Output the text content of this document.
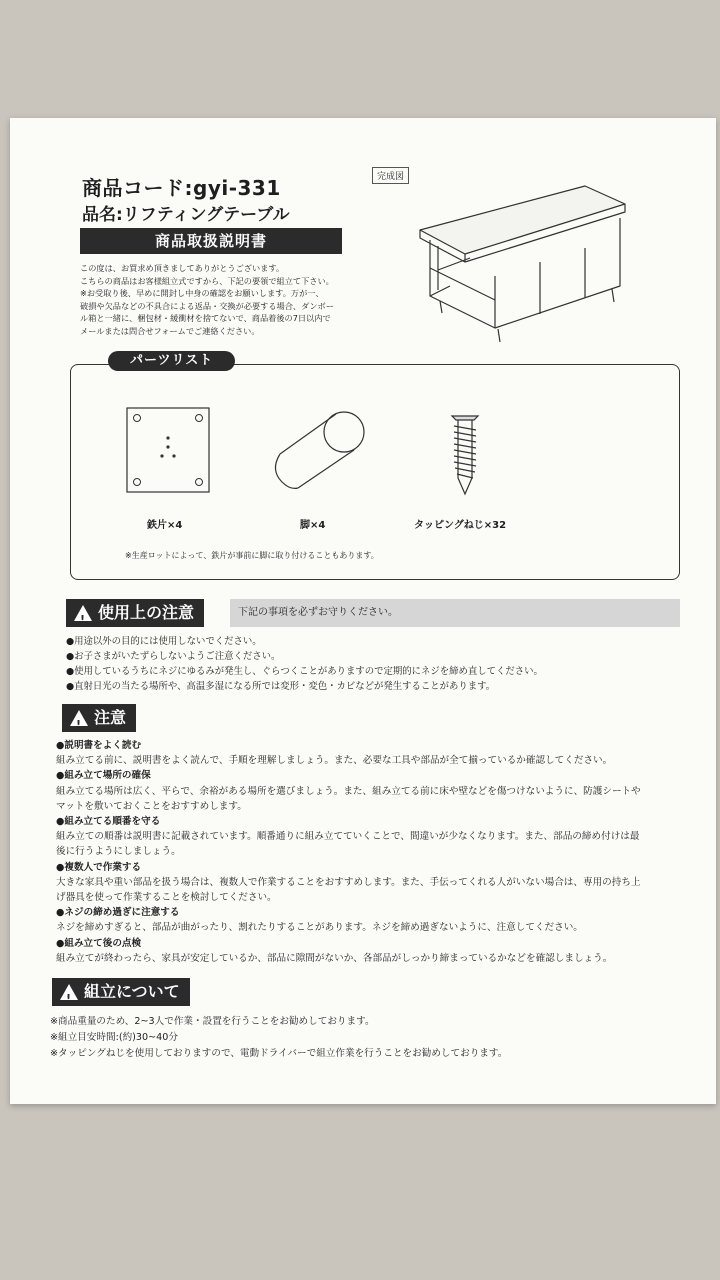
商品コード:gyi-331
品名:リフティングテーブル
商品取扱説明書
この度は、お買求め頂きましてありがとうございます。
こちらの商品はお客様組立式ですから、下記の要領で組立て下さい。
※お受取り後、早めに開封し中身の確認をお願いします。万が一、
破損や欠品などの不具合による返品・交換が必要する場合、ダンボー
ル箱と一緒に、梱包材・緩衝材を捨てないで、商品着後の7日以内で
メールまたは問合せフォームでご連絡ください。
完成図
パーツリスト
鉄片×4	脚×4	タッピングねじ×32
※生産ロットによって、鉄片が事前に脚に取り付けることもあります。
下記の事項を必ずお守りください。
!
使用上の注意
●用途以外の目的には使用しないでください。
●お子さまがいたずらしないようご注意ください。
●使用しているうちにネジにゆるみが発生し、ぐらつくことがありますので定期的にネジを締め直してください。
●直射日光の当たる場所や、高温多湿になる所では変形・変色・カビなどが発生することがあります。
!
注意
●説明書をよく読む
組み立てる前に、説明書をよく読んで、手順を理解しましょう。また、必要な工具や部品が全て揃っているか確認してください。
●組み立て場所の確保
組み立てる場所は広く、平らで、余裕がある場所を選びましょう。また、組み立てる前に床や壁などを傷つけないように、防護シートや
マットを敷いておくことをおすすめします。
●組み立てる順番を守る
組み立ての順番は説明書に記載されています。順番通りに組み立てていくことで、間違いが少なくなります。また、部品の締め付けは最
後に行うようにしましょう。
●複数人で作業する
大きな家具や重い部品を扱う場合は、複数人で作業することをおすすめします。また、手伝ってくれる人がいない場合は、専用の持ち上
げ器具を使って作業することを検討してください。
●ネジの締め過ぎに注意する
ネジを締めすぎると、部品が曲がったり、割れたりすることがあります。ネジを締め過ぎないように、注意してください。
●組み立て後の点検
組み立てが終わったら、家具が安定しているか、部品に隙間がないか、各部品がしっかり締まっているかなどを確認しましょう。
!
組立について
※商品重量のため、2~3人で作業・設置を行うことをお勧めしております。
※組立目安時間:(約)30~40分
※タッピングねじを使用しておりますので、電動ドライバーで組立作業を行うことをお勧めしております。
